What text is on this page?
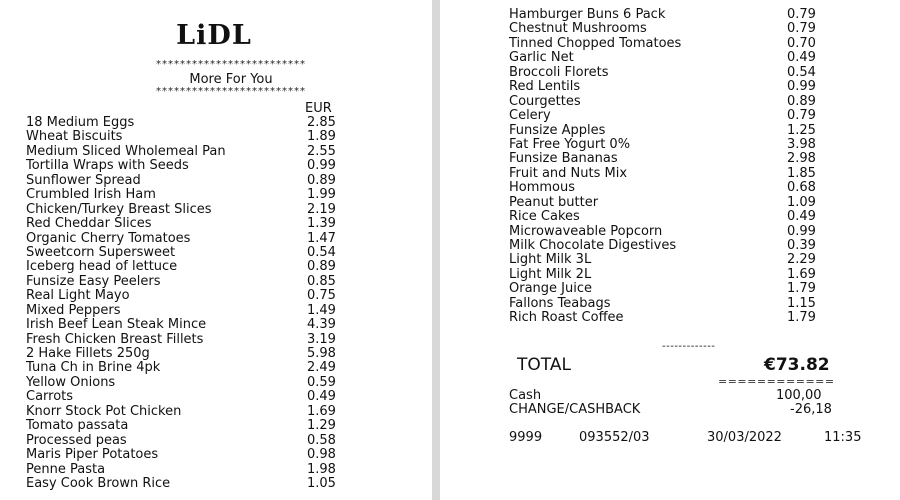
LiDL
*************************
More For You
*************************
EUR
18 Medium Eggs	2.85
Wheat Biscuits	1.89
Medium Sliced Wholemeal Pan	2.55
Tortilla Wraps with Seeds	0.99
Sunflower Spread	0.89
Crumbled Irish Ham	1.99
Chicken/Turkey Breast Slices	2.19
Red Cheddar Slices	1.39
Organic Cherry Tomatoes	1.47
Sweetcorn Supersweet	0.54
Iceberg head of lettuce	0.89
Funsize Easy Peelers	0.85
Real Light Mayo	0.75
Mixed Peppers	1.49
Irish Beef Lean Steak Mince	4.39
Fresh Chicken Breast Fillets	3.19
2 Hake Fillets 250g	5.98
Tuna Ch in Brine 4pk	2.49
Yellow Onions	0.59
Carrots	0.49
Knorr Stock Pot Chicken	1.69
Tomato passata	1.29
Processed peas	0.58
Maris Piper Potatoes	0.98
Penne Pasta	1.98
Easy Cook Brown Rice	1.05
Hamburger Buns 6 Pack	0.79
Chestnut Mushrooms	0.79
Tinned Chopped Tomatoes	0.70
Garlic Net	0.49
Broccoli Florets	0.54
Red Lentils	0.99
Courgettes	0.89
Celery	0.79
Funsize Apples	1.25
Fat Free Yogurt 0%	3.98
Funsize Bananas	2.98
Fruit and Nuts Mix	1.85
Hommous	0.68
Peanut butter	1.09
Rice Cakes	0.49
Microwaveable Popcorn	0.99
Milk Chocolate Digestives	0.39
Light Milk 3L	2.29
Light Milk 2L	1.69
Orange Juice	1.79
Fallons Teabags	1.15
Rich Roast Coffee	1.79
-------------
TOTAL	€73.82
============
Cash	100,00
CHANGE/CASHBACK	-26,18
9999	093552/03	30/03/2022	11:35
